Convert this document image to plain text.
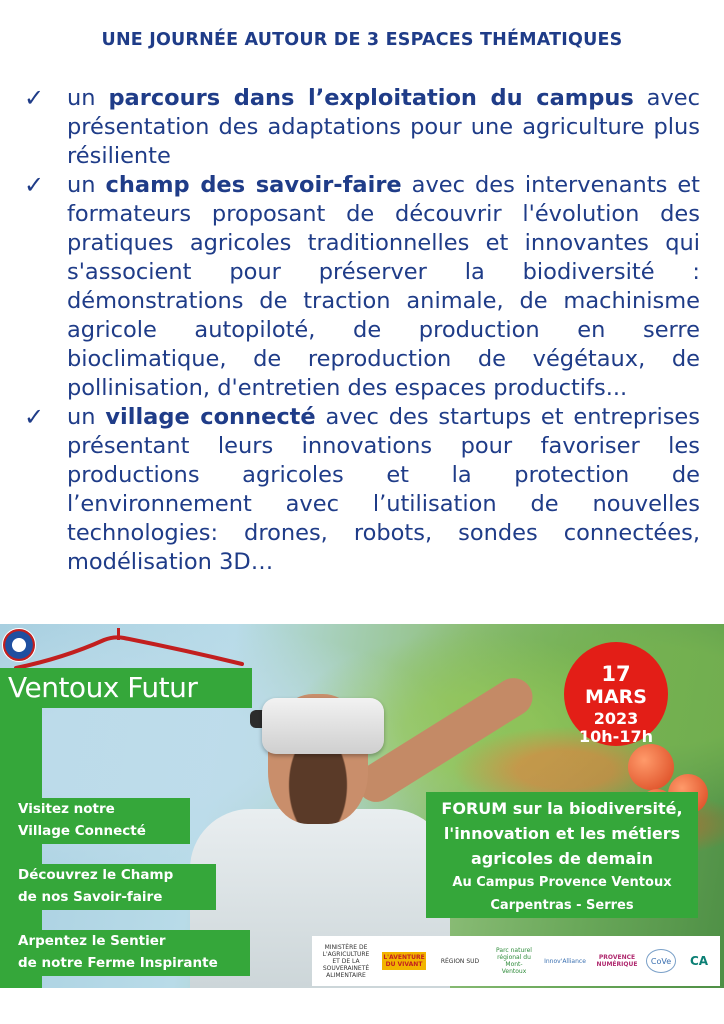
UNE JOURNÉE AUTOUR DE 3 ESPACES THÉMATIQUES
✓	un parcours dans l’exploitation du campus avec présentation des adaptations pour une agriculture plus résiliente
✓	un champ des savoir-faire avec des intervenants et formateurs proposant de découvrir l'évolution des pratiques agricoles traditionnelles et innovantes qui s'associent pour préserver la biodiversité : démonstrations de traction animale, de machinisme agricole autopiloté, de production en serre bioclimatique, de reproduction de végétaux, de pollinisation, d'entretien des espaces productifs...
✓	un village connecté avec des startups et entreprises présentant leurs innovations pour favoriser les productions agricoles et la protection de l’environnement avec l’utilisation de nouvelles technologies: drones, robots, sondes connectées, modélisation 3D…
Ventoux Futur
Visitez notre
Village Connecté
Découvrez le Champ
de nos Savoir-faire
Arpentez le Sentier
de notre Ferme Inspirante
17
MARS
2023
10h-17h
FORUM sur la biodiversité,
l'innovation et les métiers
agricoles de demain
Au Campus Provence Ventoux
Carpentras - Serres
MINISTÈRE DE L'AGRICULTURE ET DE LA SOUVERAINETÉ ALIMENTAIRE
L'AVENTURE DU VIVANT	RÉGION SUD
Parc naturel régional du Mont-Ventoux
Innov'Alliance	PROVENCE NUMÉRIQUE CoVe CA
